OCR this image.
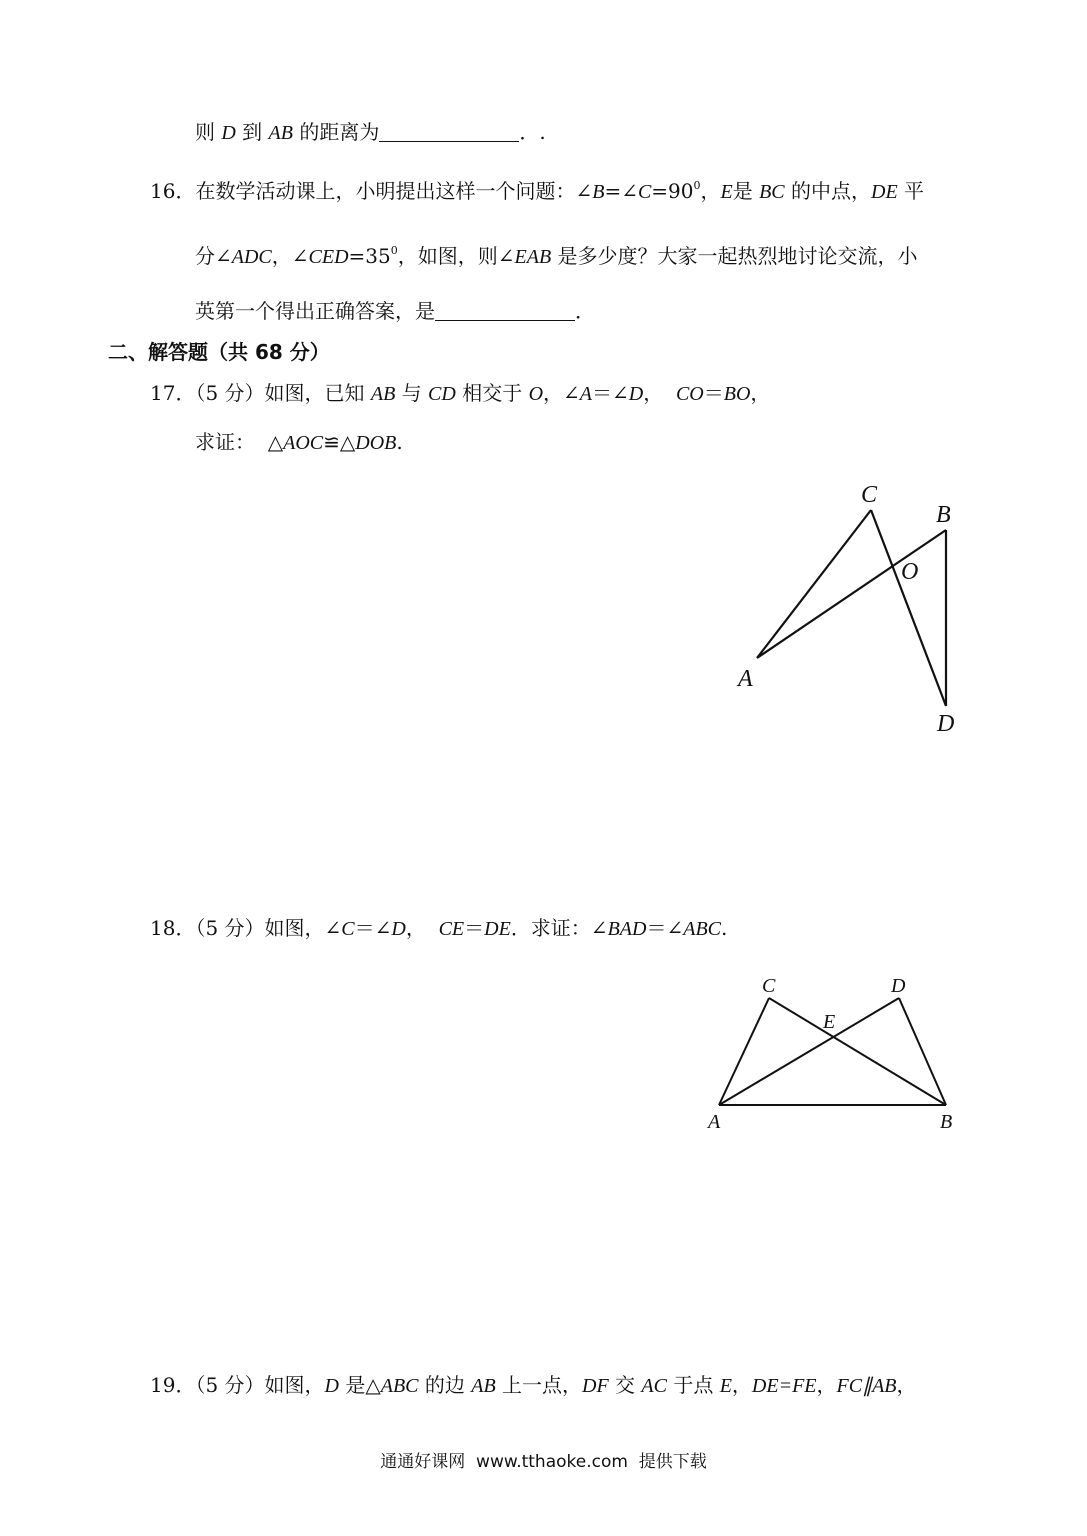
则 D 到 AB 的距离为	．.
16．在数学活动课上，小明提出这样一个问题：$\angle B=\angle C=90^0$，E是 BC 的中点，DE 平
分∠ADC，$\angle CED=35^0$，如图，则∠EAB 是多少度？大家一起热烈地讨论交流，小
英第一个得出正确答案，是	．
二、解答题（共 68 分）
17．（5 分）如图，已知 AB 与 CD 相交于 O，∠A＝∠D，  CO＝BO，
求证：  △AOC≌△DOB.
C
B
O
A
D
18．（5 分）如图，∠C＝∠D，  CE＝DE．求证：∠BAD＝∠ABC.
C	D
E
A	B
19．（5 分）如图，D 是△ABC 的边 AB 上一点，DF 交 AC 于点 E，DE=FE，FC∥AB，
通通好课网  www.tthaoke.com  提供下载
